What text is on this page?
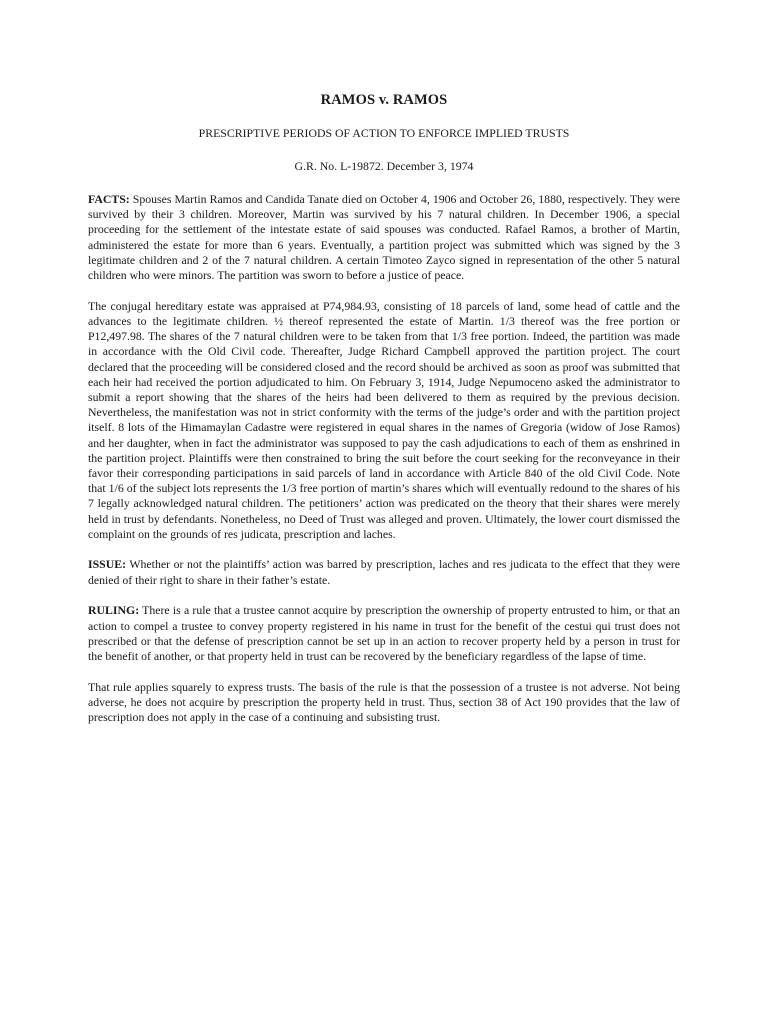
RAMOS v. RAMOS
PRESCRIPTIVE PERIODS OF ACTION TO ENFORCE IMPLIED TRUSTS
G.R. No. L-19872. December 3, 1974

FACTS: Spouses Martin Ramos and Candida Tanate died on October 4, 1906 and October 26, 1880, respectively. They were survived by their 3 children. Moreover, Martin was survived by his 7 natural children. In December 1906, a special proceeding for the settlement of the intestate estate of said spouses was conducted. Rafael Ramos, a brother of Martin, administered the estate for more than 6 years. Eventually, a partition project was submitted which was signed by the 3 legitimate children and 2 of the 7 natural children. A certain Timoteo Zayco signed in representation of the other 5 natural children who were minors. The partition was sworn to before a justice of peace.

The conjugal hereditary estate was appraised at P74,984.93, consisting of 18 parcels of land, some head of cattle and the advances to the legitimate children. ½ thereof represented the estate of Martin. 1/3 thereof was the free portion or P12,497.98. The shares of the 7 natural children were to be taken from that 1/3 free portion. Indeed, the partition was made in accordance with the Old Civil code. Thereafter, Judge Richard Campbell approved the partition project. The court declared that the proceeding will be considered closed and the record should be archived as soon as proof was submitted that each heir had received the portion adjudicated to him. On February 3, 1914, Judge Nepumoceno asked the administrator to submit a report showing that the shares of the heirs had been delivered to them as required by the previous decision. Nevertheless, the manifestation was not in strict conformity with the terms of the judge’s order and with the partition project itself. 8 lots of the Himamaylan Cadastre were registered in equal shares in the names of Gregoria (widow of Jose Ramos) and her daughter, when in fact the administrator was supposed to pay the cash adjudications to each of them as enshrined in the partition project. Plaintiffs were then constrained to bring the suit before the court seeking for the reconveyance in their favor their corresponding participations in said parcels of land in accordance with Article 840 of the old Civil Code. Note that 1/6 of the subject lots represents the 1/3 free portion of martin’s shares which will eventually redound to the shares of his 7 legally acknowledged natural children. The petitioners’ action was predicated on the theory that their shares were merely held in trust by defendants. Nonetheless, no Deed of Trust was alleged and proven. Ultimately, the lower court dismissed the complaint on the grounds of res judicata, prescription and laches.

ISSUE: Whether or not the plaintiffs’ action was barred by prescription, laches and res judicata to the effect that they were denied of their right to share in their father’s estate.

RULING: There is a rule that a trustee cannot acquire by prescription the ownership of property entrusted to him, or that an action to compel a trustee to convey property registered in his name in trust for the benefit of the cestui qui trust does not prescribed or that the defense of prescription cannot be set up in an action to recover property held by a person in trust for the benefit of another, or that property held in trust can be recovered by the beneficiary regardless of the lapse of time.

That rule applies squarely to express trusts. The basis of the rule is that the possession of a trustee is not adverse. Not being adverse, he does not acquire by prescription the property held in trust. Thus, section 38 of Act 190 provides that the law of prescription does not apply in the case of a continuing and subsisting trust.
